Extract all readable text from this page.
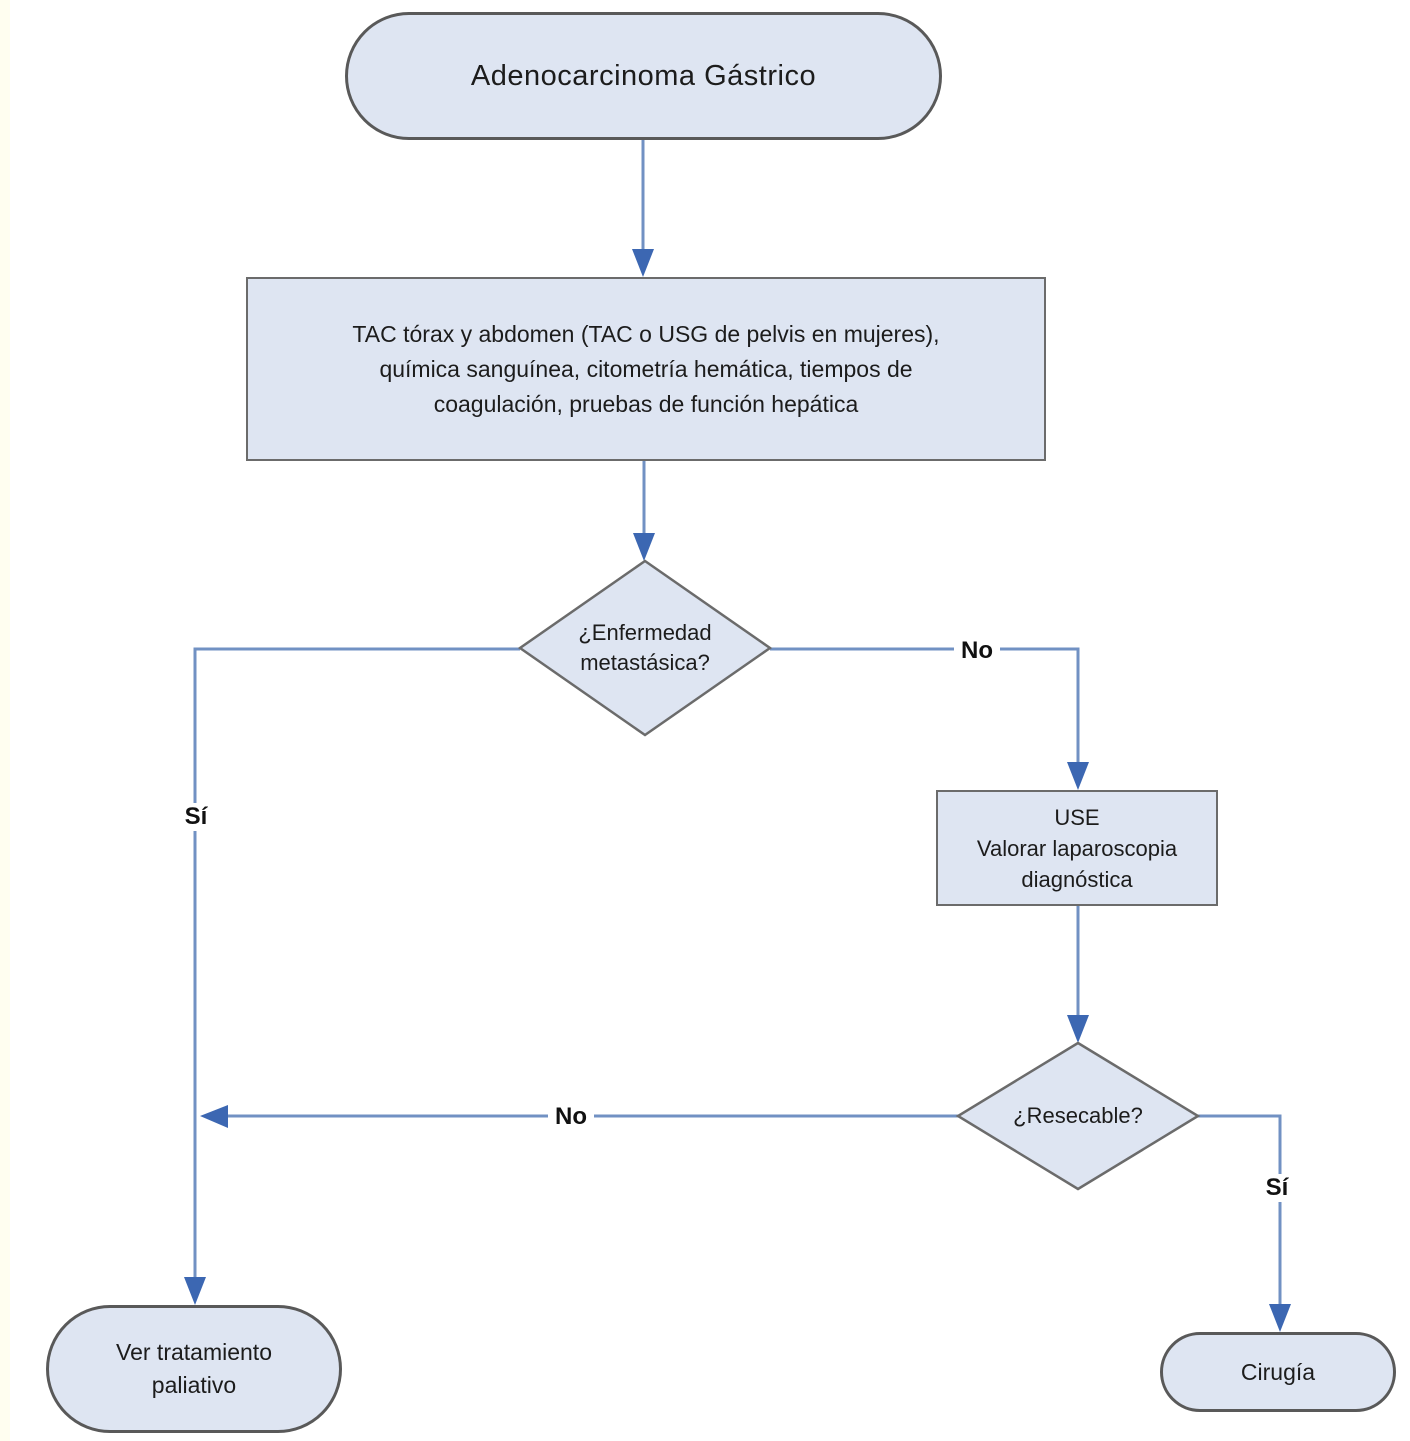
Adenocarcinoma Gástrico
TAC tórax y abdomen (TAC o USG de pelvis en mujeres),
química sanguínea, citometría hemática, tiempos de
coagulación, pruebas de función hepática
¿Enfermedad
metastásica?
USE
Valorar laparoscopia
diagnóstica
¿Resecable?
Ver tratamiento
paliativo
Cirugía
No
Sí
No
Sí
